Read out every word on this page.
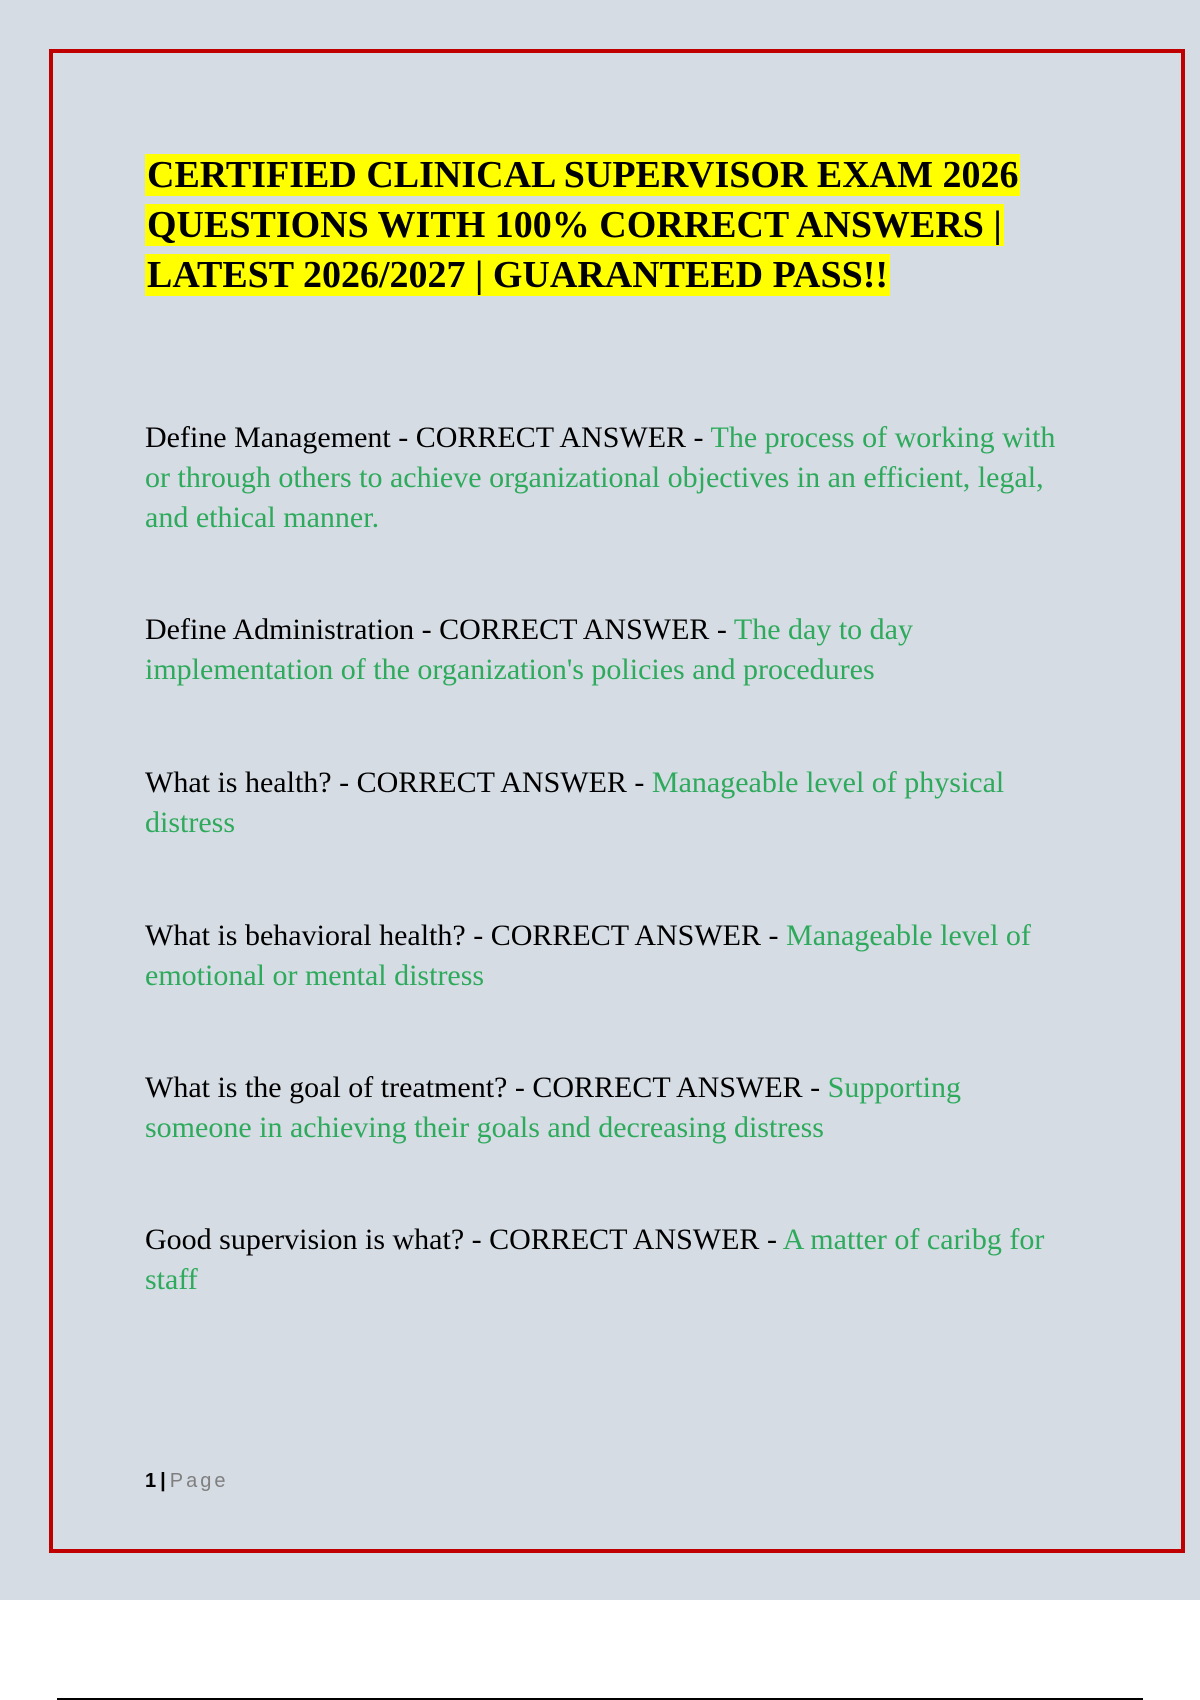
CERTIFIED CLINICAL SUPERVISOR EXAM 2026 QUESTIONS WITH 100% CORRECT ANSWERS | LATEST 2026/2027 | GUARANTEED PASS!!

Define Management - CORRECT ANSWER - The process of working with or through others to achieve organizational objectives in an efficient, legal, and ethical manner.

Define Administration - CORRECT ANSWER - The day to day implementation of the organization's policies and procedures

What is health? - CORRECT ANSWER - Manageable level of physical distress

What is behavioral health? - CORRECT ANSWER - Manageable level of emotional or mental distress

What is the goal of treatment? - CORRECT ANSWER - Supporting someone in achieving their goals and decreasing distress

Good supervision is what? - CORRECT ANSWER - A matter of caribg for staff

1 | Page
